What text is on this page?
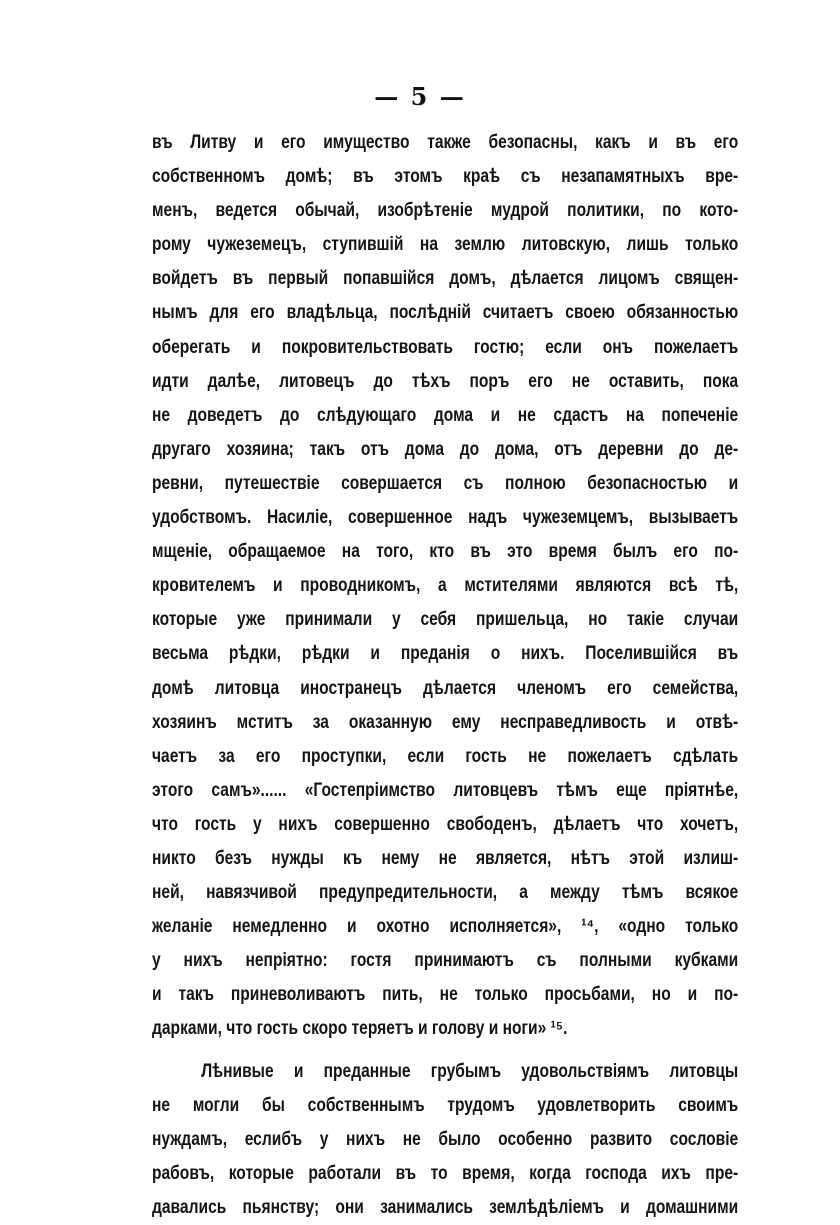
— 5 —
въ Литву и его имущество также безопасны, какъ и въ его
собственномъ домѣ; въ этомъ краѣ съ незапамятныхъ вре-
менъ, ведется обычай, изобрѣтеніе мудрой политики, по кото-
рому чужеземецъ, ступившій на землю литовскую, лишь только
войдетъ въ первый попавшійся домъ, дѣлается лицомъ священ-
нымъ для его владѣльца, послѣдній считаетъ своею обязанностью
оберегать и покровительствовать гостю; если онъ пожелаетъ
идти далѣе, литовецъ до тѣхъ поръ его не оставить, пока
не доведетъ до слѣдующаго дома и не сдастъ на попеченіе
другаго хозяина; такъ отъ дома до дома, отъ деревни до де-
ревни, путешествіе совершается съ полною безопасностью и
удобствомъ. Насиліе, совершенное надъ чужеземцемъ, вызываетъ
мщеніе, обращаемое на того, кто въ это время былъ его по-
кровителемъ и проводникомъ, а мстителями являются всѣ тѣ,
которые уже принимали у себя пришельца, но такіе случаи
весьма рѣдки, рѣдки и преданія о нихъ. Поселившійся въ
домѣ литовца иностранецъ дѣлается членомъ его семейства,
хозяинъ мститъ за оказанную ему несправедливость и отвѣ-
чаетъ за его проступки, если гость не пожелаетъ сдѣлать
этого самъ»...... «Гостепріимство литовцевъ тѣмъ еще пріятнѣе,
что гость у нихъ совершенно свободенъ, дѣлаетъ что хочетъ,
никто безъ нужды къ нему не является, нѣтъ этой излиш-
ней, навязчивой предупредительности, а между тѣмъ всякое
желаніе немедленно и охотно исполняется», ¹⁴, «одно только
у нихъ непріятно: гостя принимаютъ съ полными кубками
и такъ приневоливаютъ пить, не только просьбами, но и по-
дарками, что гость скоро теряетъ и голову и ноги» ¹⁵.
Лѣнивые и преданные грубымъ удовольствіямъ литовцы
не могли бы собственнымъ трудомъ удовлетворить своимъ
нуждамъ, еслибъ у нихъ не было особенно развито сословіе
рабовъ, которые работали въ то время, когда господа ихъ пре-
давались пьянству; они занимались землѣдѣліемъ и домашними
